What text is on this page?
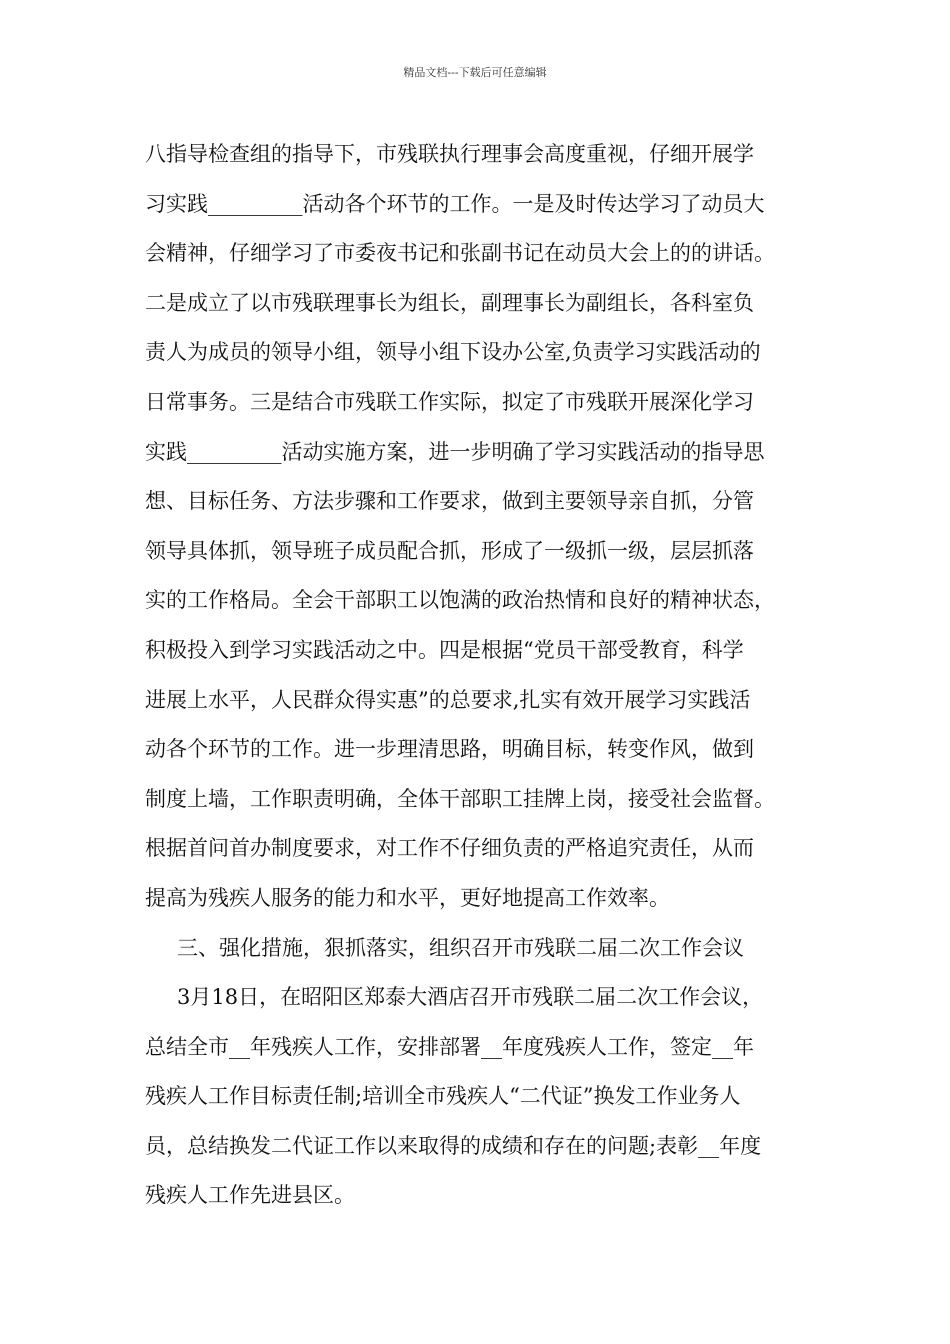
精品文档---下载后可任意编辑
八指导检查组的指导下，市残联执行理事会高度重视，仔细开展学
习实践_________活动各个环节的工作。一是及时传达学习了动员大
会精神，仔细学习了市委夜书记和张副书记在动员大会上的的讲话。
二是成立了以市残联理事长为组长，副理事长为副组长，各科室负
责人为成员的领导小组，领导小组下设办公室,负责学习实践活动的
日常事务。三是结合市残联工作实际，拟定了市残联开展深化学习
实践_________活动实施方案，进一步明确了学习实践活动的指导思
想、目标任务、方法步骤和工作要求，做到主要领导亲自抓，分管
领导具体抓，领导班子成员配合抓，形成了一级抓一级，层层抓落
实的工作格局。全会干部职工以饱满的政治热情和良好的精神状态，
积极投入到学习实践活动之中。四是根据“党员干部受教育，科学
进展上水平，人民群众得实惠”的总要求,扎实有效开展学习实践活
动各个环节的工作。进一步理清思路，明确目标，转变作风，做到
制度上墙，工作职责明确，全体干部职工挂牌上岗，接受社会监督。
根据首问首办制度要求，对工作不仔细负责的严格追究责任，从而
提高为残疾人服务的能力和水平，更好地提高工作效率。
三、强化措施，狠抓落实，组织召开市残联二届二次工作会议
3月18日，在昭阳区郑泰大酒店召开市残联二届二次工作会议，
总结全市__年残疾人工作，安排部署__年度残疾人工作，签定__年
残疾人工作目标责任制;培训全市残疾人“二代证”换发工作业务人
员，总结换发二代证工作以来取得的成绩和存在的问题;表彰__年度
残疾人工作先进县区。
